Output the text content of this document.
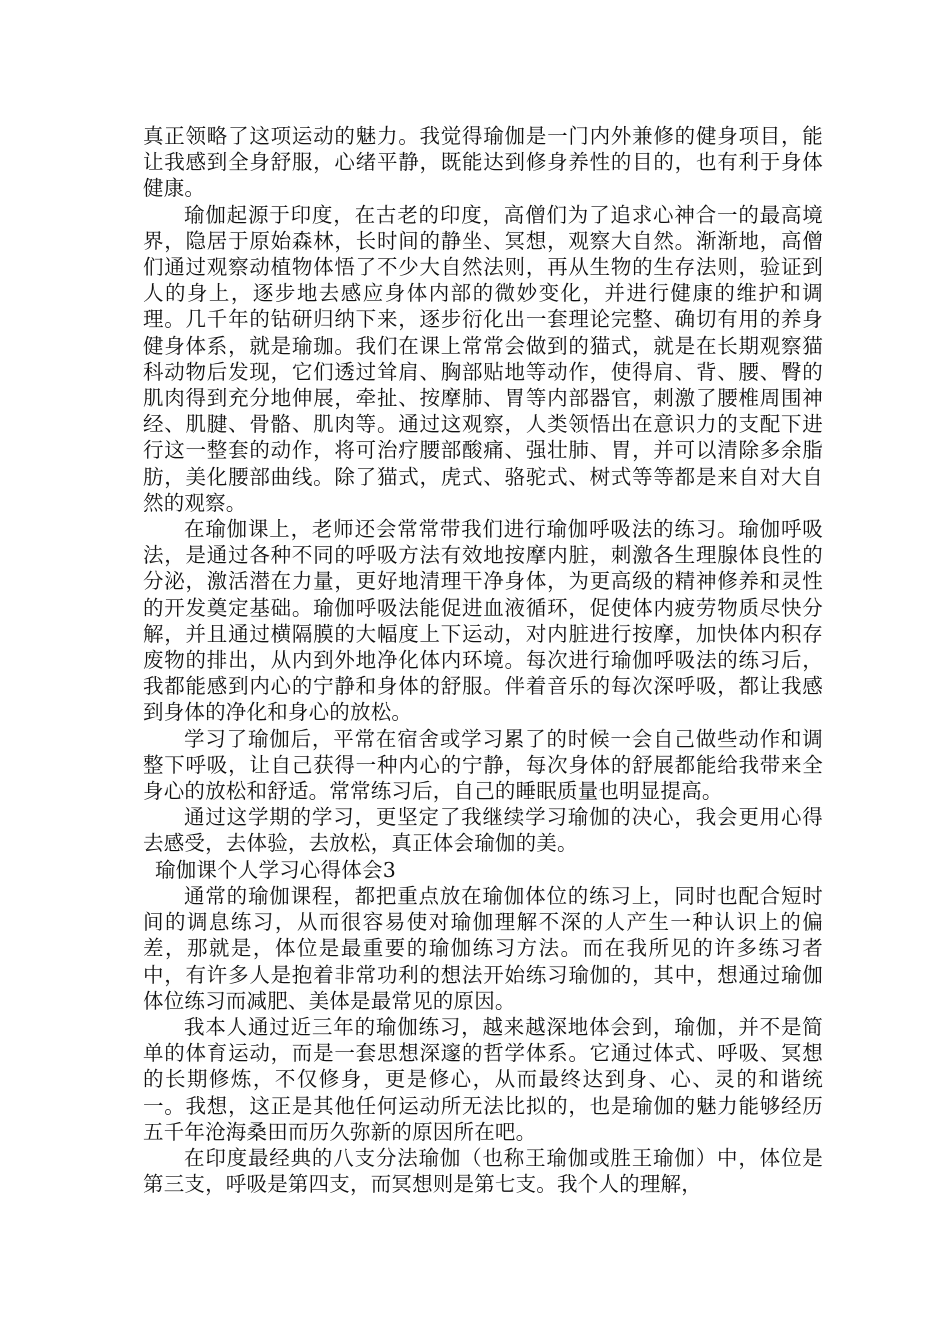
真正领略了这项运动的魅力。我觉得瑜伽是一门内外兼修的健身项目，能让我感到全身舒服，心绪平静，既能达到修身养性的目的，也有利于身体健康。

瑜伽起源于印度，在古老的印度，高僧们为了追求心神合一的最高境界，隐居于原始森林，长时间的静坐、冥想，观察大自然。渐渐地，高僧们通过观察动植物体悟了不少大自然法则，再从生物的生存法则，验证到人的身上，逐步地去感应身体内部的微妙变化，并进行健康的维护和调理。几千年的钻研归纳下来，逐步衍化出一套理论完整、确切有用的养身健身体系，就是瑜珈。我们在课上常常会做到的猫式，就是在长期观察猫科动物后发现，它们透过耸肩、胸部贴地等动作，使得肩、背、腰、臀的肌肉得到充分地伸展，牵扯、按摩肺、胃等内部器官，刺激了腰椎周围神经、肌腱、骨骼、肌肉等。通过这观察，人类领悟出在意识力的支配下进行这一整套的动作，将可治疗腰部酸痛、强壮肺、胃，并可以清除多余脂肪，美化腰部曲线。除了猫式，虎式、骆驼式、树式等等都是来自对大自然的观察。

在瑜伽课上，老师还会常常带我们进行瑜伽呼吸法的练习。瑜伽呼吸法，是通过各种不同的呼吸方法有效地按摩内脏，刺激各生理腺体良性的分泌，激活潜在力量，更好地清理干净身体，为更高级的精神修养和灵性的开发奠定基础。瑜伽呼吸法能促进血液循环，促使体内疲劳物质尽快分解，并且通过横隔膜的大幅度上下运动，对内脏进行按摩，加快体内积存废物的排出，从内到外地净化体内环境。每次进行瑜伽呼吸法的练习后，我都能感到内心的宁静和身体的舒服。伴着音乐的每次深呼吸，都让我感到身体的净化和身心的放松。

学习了瑜伽后，平常在宿舍或学习累了的时候一会自己做些动作和调整下呼吸，让自己获得一种内心的宁静，每次身体的舒展都能给我带来全身心的放松和舒适。常常练习后，自己的睡眠质量也明显提高。

通过这学期的学习，更坚定了我继续学习瑜伽的决心，我会更用心得去感受，去体验，去放松，真正体会瑜伽的美。

瑜伽课个人学习心得体会3

通常的瑜伽课程，都把重点放在瑜伽体位的练习上，同时也配合短时间的调息练习，从而很容易使对瑜伽理解不深的人产生一种认识上的偏差，那就是，体位是最重要的瑜伽练习方法。而在我所见的许多练习者中，有许多人是抱着非常功利的想法开始练习瑜伽的，其中，想通过瑜伽体位练习而减肥、美体是最常见的原因。

我本人通过近三年的瑜伽练习，越来越深地体会到，瑜伽，并不是简单的体育运动，而是一套思想深邃的哲学体系。它通过体式、呼吸、冥想的长期修炼，不仅修身，更是修心，从而最终达到身、心、灵的和谐统一。我想，这正是其他任何运动所无法比拟的，也是瑜伽的魅力能够经历五千年沧海桑田而历久弥新的原因所在吧。

在印度最经典的八支分法瑜伽（也称王瑜伽或胜王瑜伽）中，体位是第三支，呼吸是第四支，而冥想则是第七支。我个人的理解，
